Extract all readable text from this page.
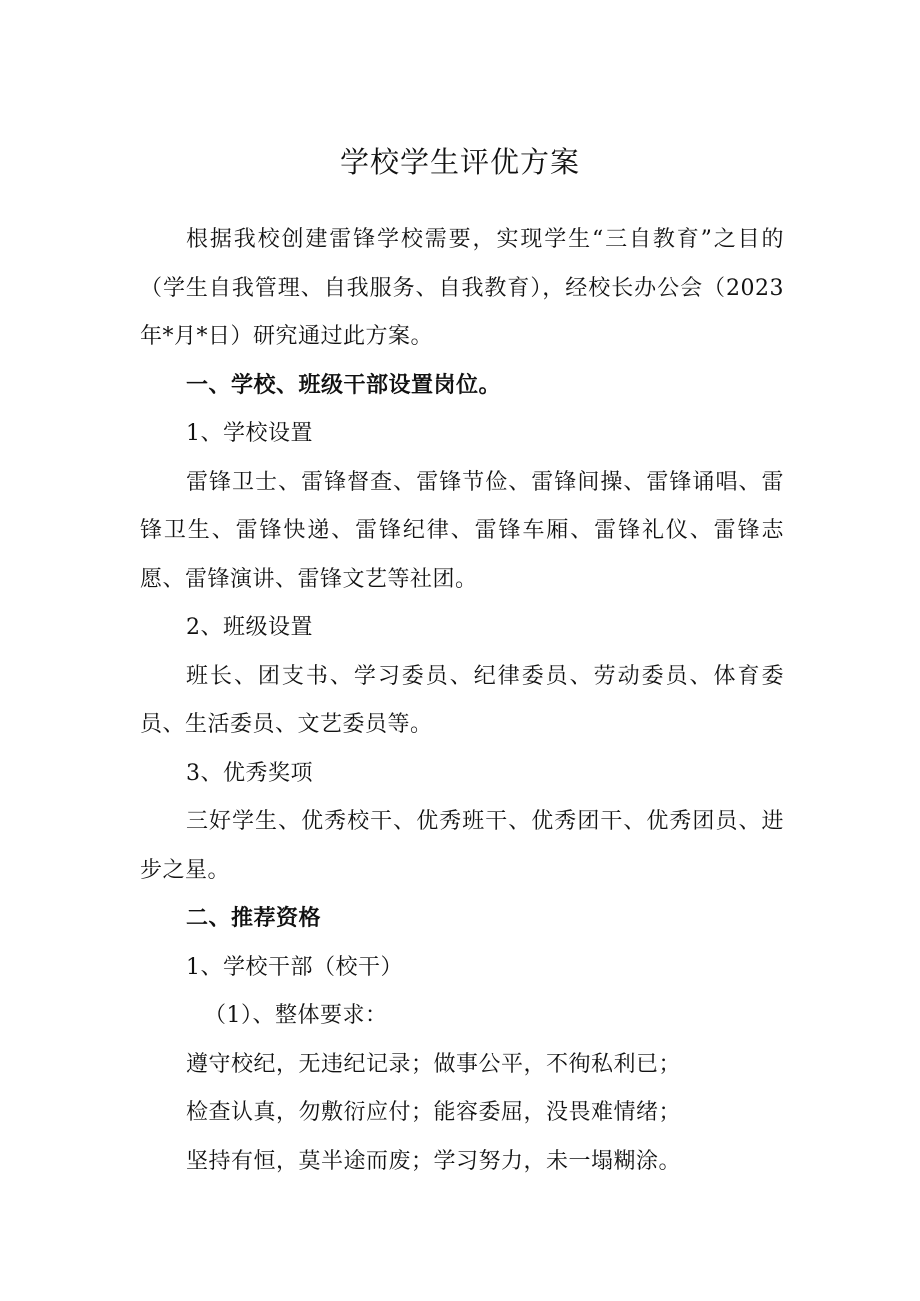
学校学生评优方案

根据我校创建雷锋学校需要，实现学生“三自教育”之目的（学生自我管理、自我服务、自我教育），经校长办公会（2023年*月*日）研究通过此方案。

一、学校、班级干部设置岗位。

1、学校设置

雷锋卫士、雷锋督查、雷锋节俭、雷锋间操、雷锋诵唱、雷锋卫生、雷锋快递、雷锋纪律、雷锋车厢、雷锋礼仪、雷锋志愿、雷锋演讲、雷锋文艺等社团。

2、班级设置

班长、团支书、学习委员、纪律委员、劳动委员、体育委员、生活委员、文艺委员等。

3、优秀奖项

三好学生、优秀校干、优秀班干、优秀团干、优秀团员、进步之星。

二、推荐资格

1、学校干部（校干）

（1）、整体要求：

遵守校纪，无违纪记录；做事公平，不徇私利已；

检查认真，勿敷衍应付；能容委屈，没畏难情绪；

坚持有恒，莫半途而废；学习努力，未一塌糊涂。
